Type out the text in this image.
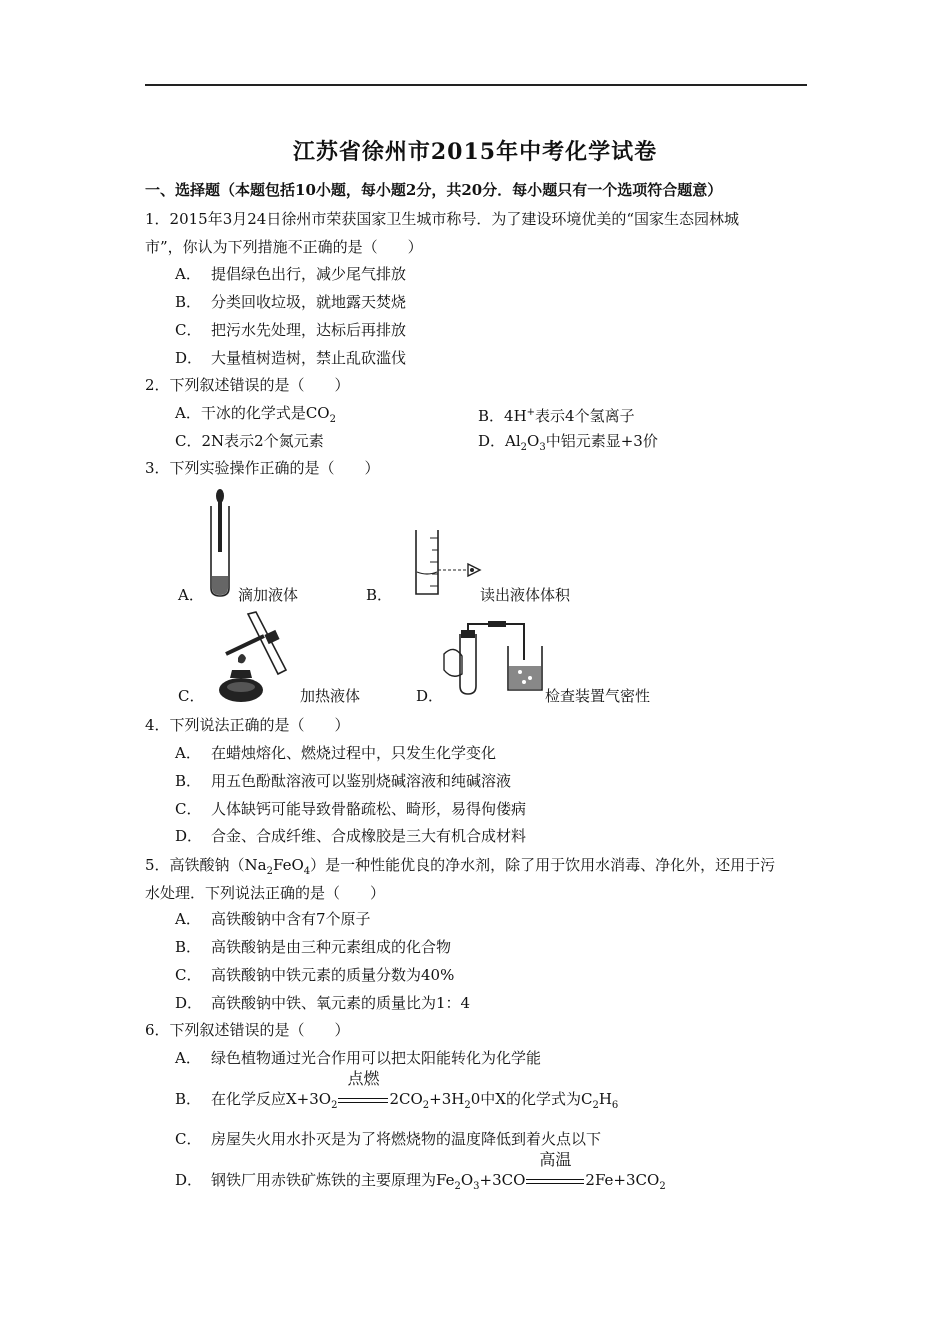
江苏省徐州市2015年中考化学试卷
一、选择题（本题包括10小题，每小题2分，共20分．每小题只有一个选项符合题意）
1．2015年3月24日徐州市荣获国家卫生城市称号．为了建设环境优美的“国家生态园林城
市”，你认为下列措施不正确的是（　　）
A． 提倡绿色出行，减少尾气排放
B． 分类回收垃圾，就地露天焚烧
C． 把污水先处理，达标后再排放
D． 大量植树造树，禁止乱砍滥伐
2．下列叙述错误的是（　　）
A．干冰的化学式是$CO_2$	B．4H+表示4个氢离子
C．2N表示2个氮元素	D．$Al_2O_3$中铝元素显+3价
3．下列实验操作正确的是（　　）
A． 滴加液体	B．	读出液体体积
C．	加热液体	D．	检查装置气密性
4．下列说法正确的是（　　）
A． 在蜡烛熔化、燃烧过程中，只发生化学变化
B． 用五色酚酞溶液可以鉴别烧碱溶液和纯碱溶液
C． 人体缺钙可能导致骨骼疏松、畸形，易得佝偻病
D． 合金、合成纤维、合成橡胶是三大有机合成材料
5．高铁酸钠$(Na_2FeO_4)$是一种性能优良的净水剂，除了用于饮用水消毒、净化外，还用于污
水处理．下列说法正确的是（　　）
A． 高铁酸钠中含有7个原子
B． 高铁酸钠是由三种元素组成的化合物
C． 高铁酸钠中铁元素的质量分数为40%
D． 高铁酸钠中铁、氧元素的质量比为1：4
6．下列叙述错误的是（　　）
A． 绿色植物通过光合作用可以把太阳能转化为化学能
B． 在化学反应$X+3O_2$
点燃
$2CO_2+3H_20$中X的化学式为$C_2H_6$
C． 房屋失火用水扑灭是为了将燃烧物的温度降低到着火点以下
D． 钢铁厂用赤铁矿炼铁的主要原理为$Fe_2O_3+3CO$
高温
$2Fe+3CO_2$
